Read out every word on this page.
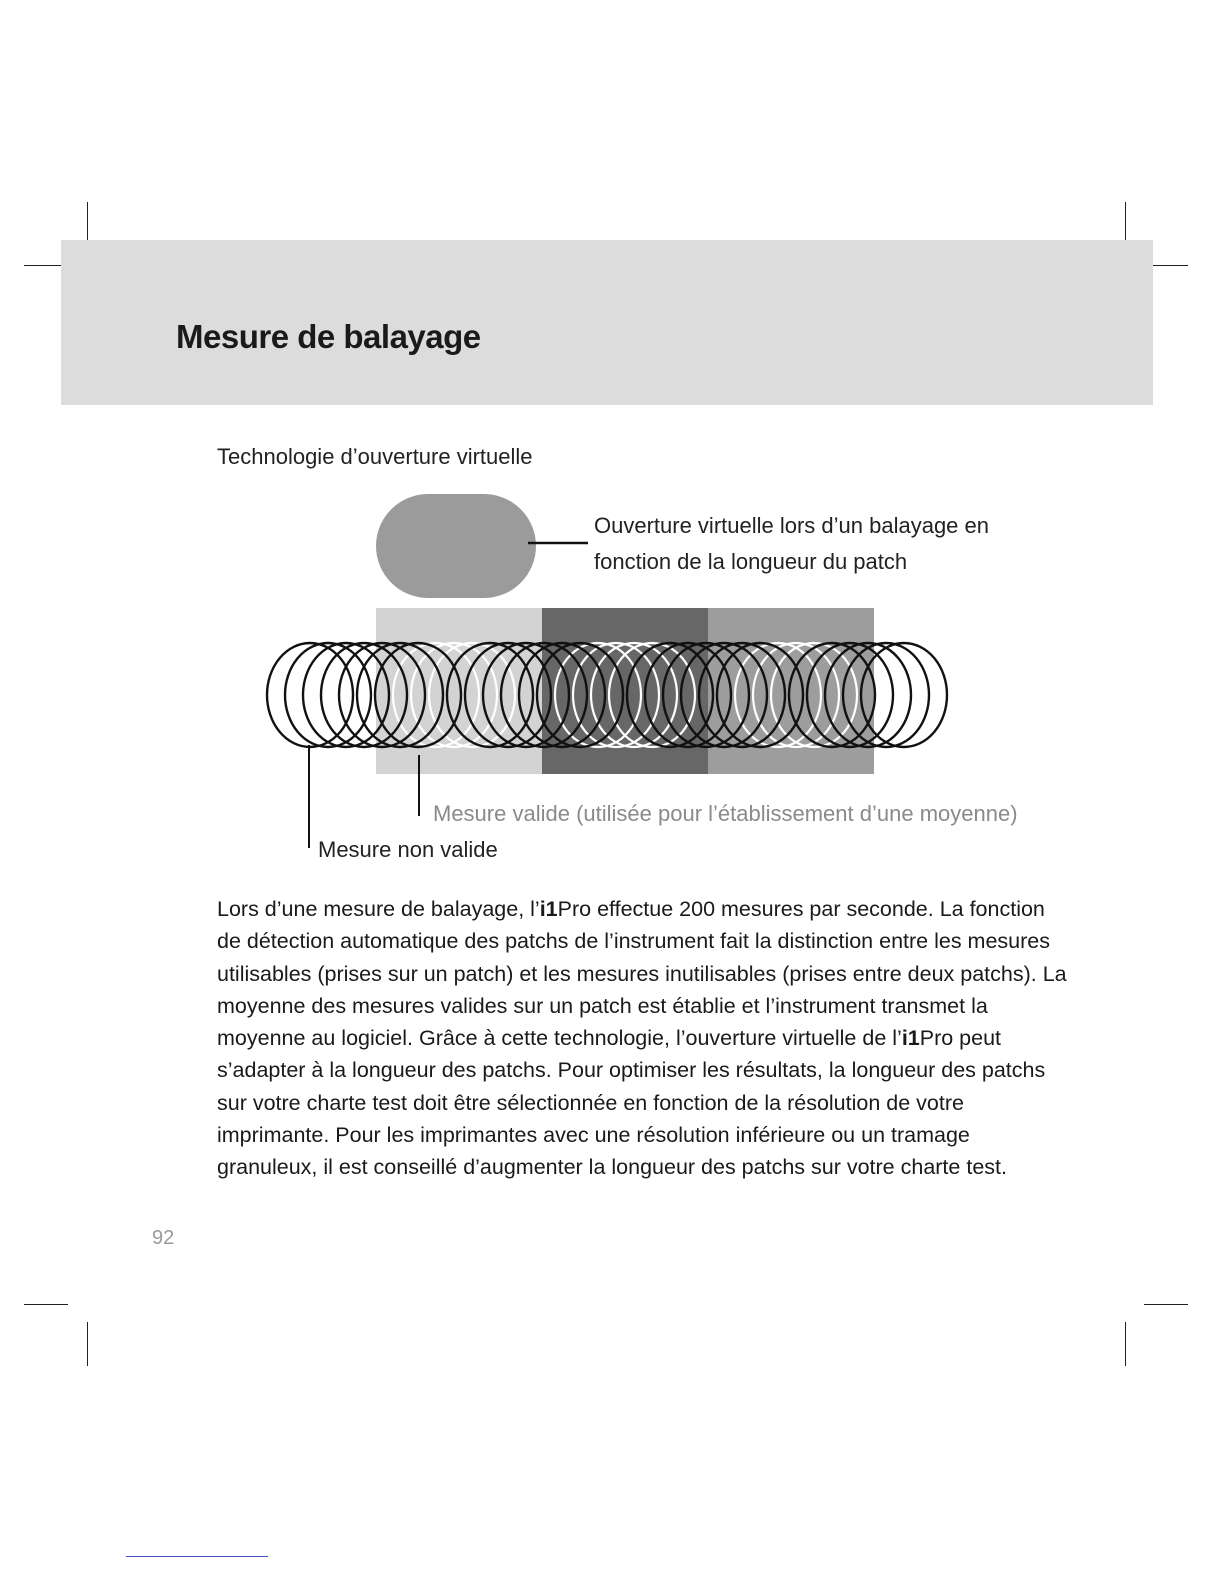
Mesure de balayage
Technologie d’ouverture virtuelle
Ouverture virtuelle lors d’un balayage en fonction de la longueur du patch
Mesure valide (utilisée pour l’établissement d’une moyenne)
Mesure non valide

Lors d’une mesure de balayage, l’i1Pro effectue 200 mesures par seconde. La fonction de détection automatique des patchs de l’instrument fait la distinction entre les mesures utilisables (prises sur un patch) et les mesures inutilisables (prises entre deux patchs). La moyenne des mesures valides sur un patch est établie et l’instrument transmet la moyenne au logiciel. Grâce à cette technologie, l’ouverture virtuelle de l’i1Pro peut s’adapter à la longueur des patchs. Pour optimiser les résultats, la longueur des patchs sur votre charte test doit être sélectionnée en fonction de la résolution de votre imprimante. Pour les imprimantes avec une résolution inférieure ou un tramage granuleux, il est conseillé d’augmenter la longueur des patchs sur votre charte test.

92
